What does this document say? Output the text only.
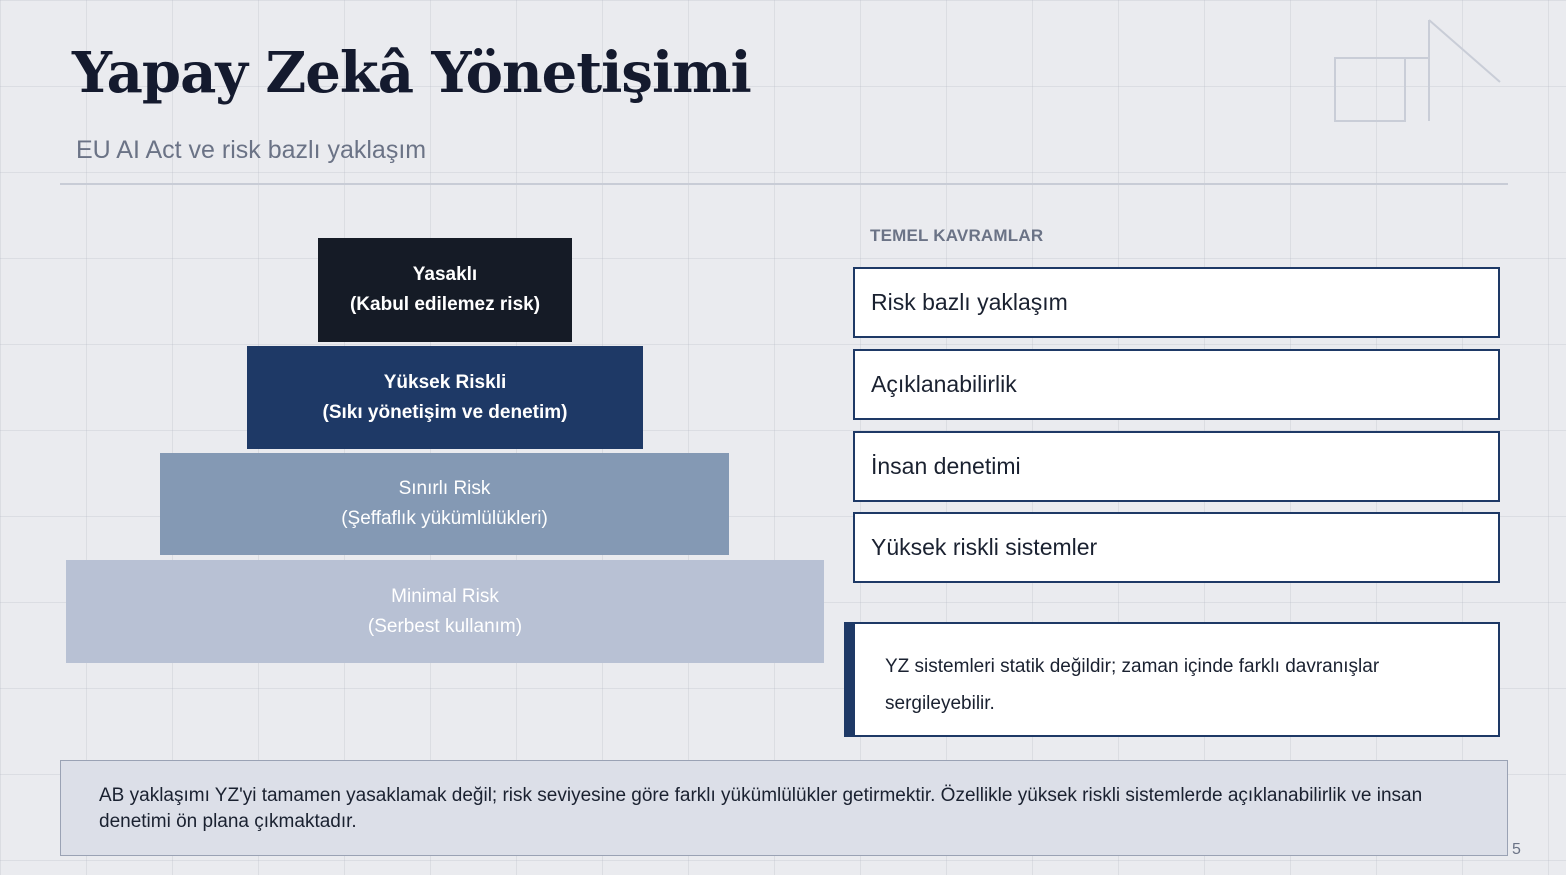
Yapay Zekâ Yönetişimi
EU AI Act ve risk bazlı yaklaşım
Yasaklı
(Kabul edilemez risk)
Yüksek Riskli
(Sıkı yönetişim ve denetim)
Sınırlı Risk
(Şeffaflık yükümlülükleri)
Minimal Risk
(Serbest kullanım)
TEMEL KAVRAMLAR
Risk bazlı yaklaşım
Açıklanabilirlik
İnsan denetimi
Yüksek riskli sistemler
YZ sistemleri statik değildir; zaman içinde farklı davranışlar sergileyebilir.
AB yaklaşımı YZ'yi tamamen yasaklamak değil; risk seviyesine göre farklı yükümlülükler getirmektir. Özellikle yüksek riskli sistemlerde açıklanabilirlik ve insan denetimi ön plana çıkmaktadır.
5
